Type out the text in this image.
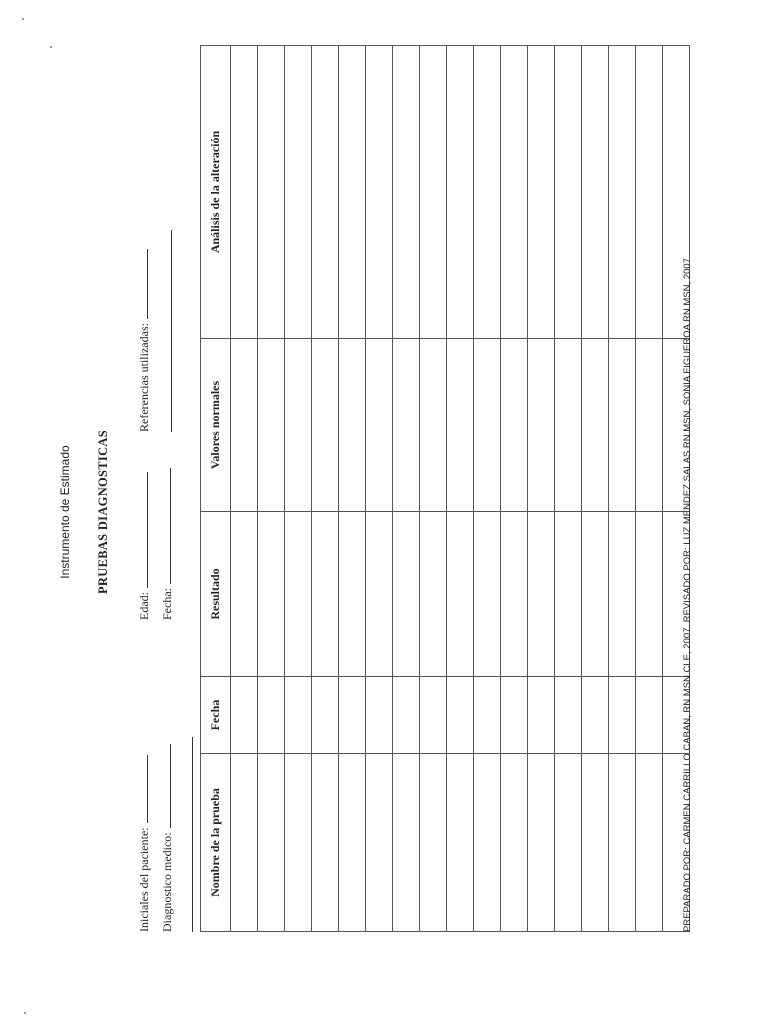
Instrumento de Estimado PRUEBAS DIAGNOSTICAS
Iniciales del paciente: Diagnostico medico:
Edad: Fecha:
Referencias utilizadas:
Nombre de la prueba	Fecha	Resultado	Valores normales	Análisis de la alteración

PREPARADO POR: CARMEN CARRILLO CABAN, RN MSN CLE, 2007. REVISADO POR: LUZ MENDEZ SALAS RN MSN, SONIA FIGUEROA RN MSN, 2007
